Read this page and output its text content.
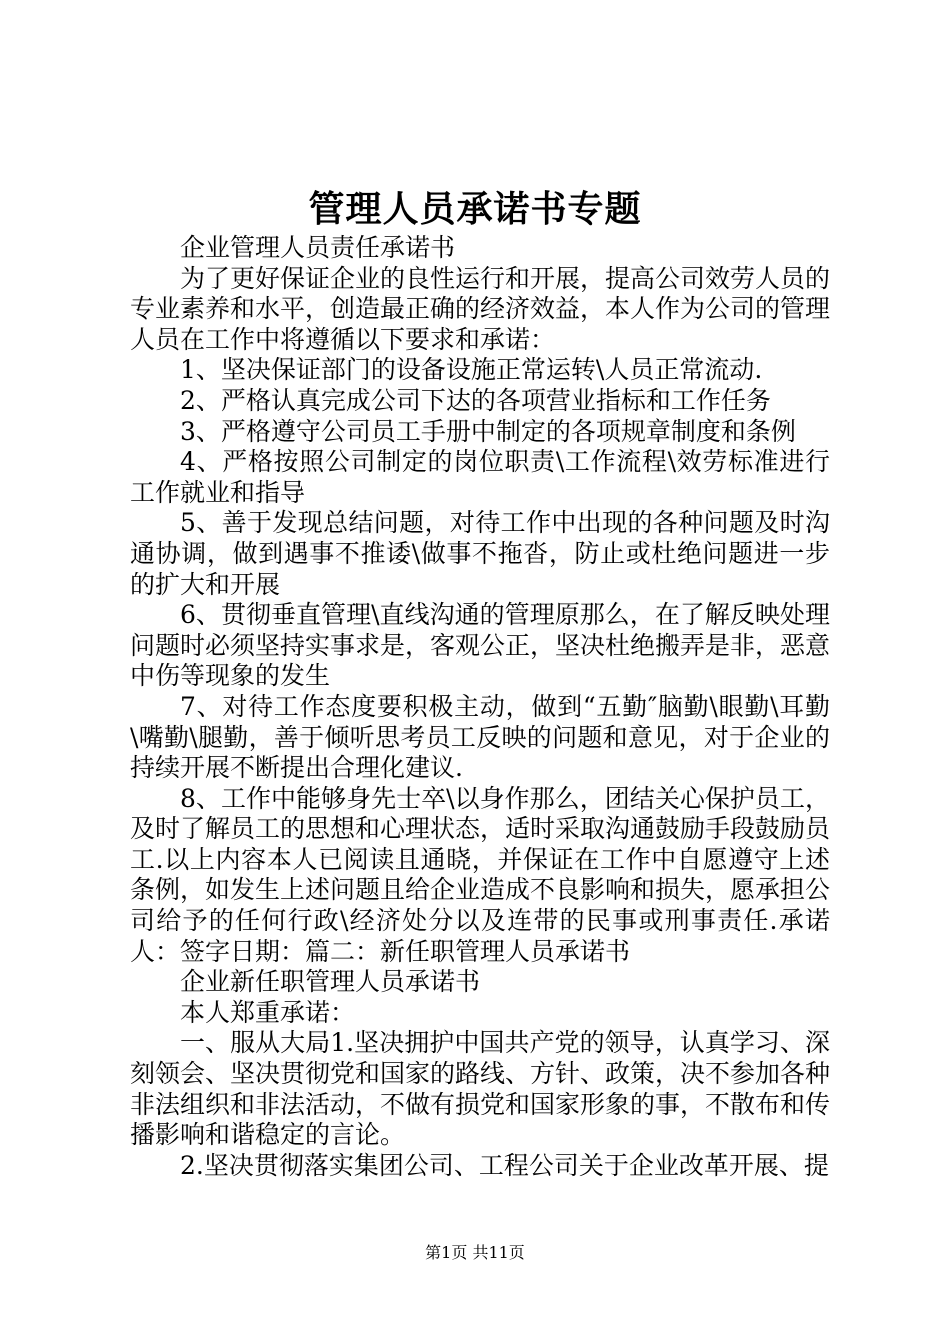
管理人员承诺书专题

企业管理人员责任承诺书

为了更好保证企业的良性运行和开展，提高公司效劳人员的专业素养和水平，创造最正确的经济效益，本人作为公司的管理人员在工作中将遵循以下要求和承诺：

1、坚决保证部门的设备设施正常运转\人员正常流动.

2、严格认真完成公司下达的各项营业指标和工作任务

3、严格遵守公司员工手册中制定的各项规章制度和条例

4、严格按照公司制定的岗位职责\工作流程\效劳标准进行工作就业和指导

5、善于发现总结问题，对待工作中出现的各种问题及时沟通协调，做到遇事不推诿\做事不拖沓，防止或杜绝问题进一步的扩大和开展

6、贯彻垂直管理\直线沟通的管理原那么，在了解反映处理问题时必须坚持实事求是，客观公正，坚决杜绝搬弄是非，恶意中伤等现象的发生

7、对待工作态度要积极主动，做到“五勤″脑勤\眼勤\耳勤\嘴勤\腿勤，善于倾听思考员工反映的问题和意见，对于企业的持续开展不断提出合理化建议.

8、工作中能够身先士卒\以身作那么，团结关心保护员工，及时了解员工的思想和心理状态，适时采取沟通鼓励手段鼓励员工.以上内容本人已阅读且通晓，并保证在工作中自愿遵守上述条例，如发生上述问题且给企业造成不良影响和损失，愿承担公司给予的任何行政\经济处分以及连带的民事或刑事责任.承诺人：签字日期：篇二：新任职管理人员承诺书

企业新任职管理人员承诺书

本人郑重承诺：

一、服从大局1.坚决拥护中国共产党的领导，认真学习、深刻领会、坚决贯彻党和国家的路线、方针、政策，决不参加各种非法组织和非法活动，不做有损党和国家形象的事，不散布和传播影响和谐稳定的言论。

2.坚决贯彻落实集团公司、工程公司关于企业改革开展、提

第1页 共11页
